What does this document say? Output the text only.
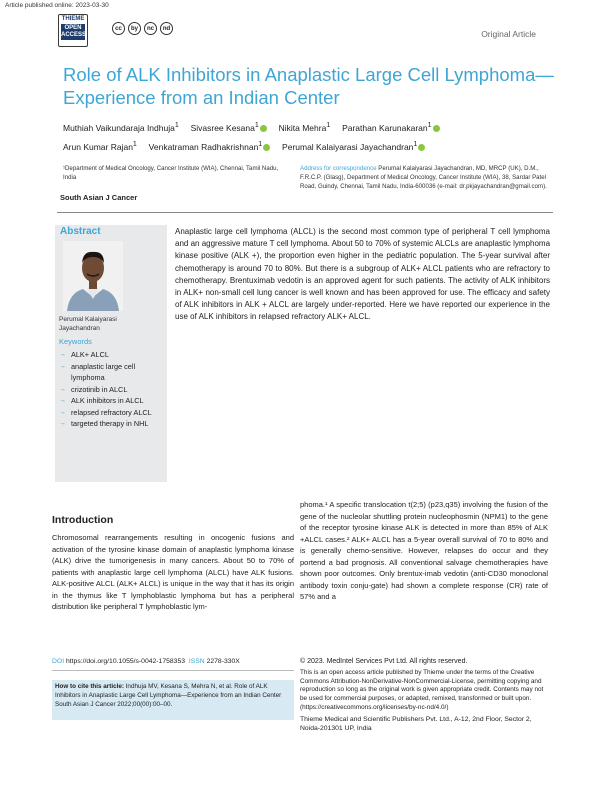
Article published online: 2023-03-30
THIEME
OPEN ACCESS
cc	by	nc	nd	Original Article
Role of ALK Inhibitors in Anaplastic Large Cell Lymphoma—Experience from an Indian Center
Muthiah Vaikundaraja Indhuja$^1$ Sivasree Kesana$^1$ Nikita Mehra$^1$ Parathan Karunakaran$^1$
Arun Kumar Rajan$^1$ Venkatraman Radhakrishnan$^1$ Perumal Kalaiyarasi Jayachandran$^1$
¹Department of Medical Oncology, Cancer Institute (WIA), Chennai, Tamil Nadu, India
Address for correspondence Perumal Kalaiyarasi Jayachandran, MD, MRCP (UK), D.M., F.R.C.P. (Glasg), Department of Medical Oncology, Cancer Institute (WIA), 38, Sardar Patel Road, Guindy, Chennai, Tamil Nadu, India-600036 (e-mail: dr.pkjayachandran@gmail.com).
South Asian J Cancer
Abstract
Perumal Kalaiyarasi Jayachandran
Keywords
→ ALK+ ALCL
→ anaplastic large cell lymphoma
→ crizotinib in ALCL
→ ALK inhibitors in ALCL
→ relapsed refractory ALCL
→ targeted therapy in NHL
Anaplastic large cell lymphoma (ALCL) is the second most common type of peripheral T cell lymphoma and an aggressive mature T cell lymphoma. About 50 to 70% of systemic ALCLs are anaplastic lymphoma kinase positive (ALK +), the proportion even higher in the pediatric population. The 5-year survival after chemotherapy is around 70 to 80%. But there is a subgroup of ALK+ ALCL patients who are refractory to chemotherapy. Brentuximab vedotin is an approved agent for such patients. The activity of ALK inhibitors in ALK+ non-small cell lung cancer is well known and has been approved for use. The efficacy and safety of ALK inhibitors in ALK + ALCL are largely under-reported. Here we have reported our experience in the use of ALK inhibitors in relapsed refractory ALK+ ALCL.
Introduction
Chromosomal rearrangements resulting in oncogenic fusions and activation of the tyrosine kinase domain of anaplastic lymphoma kinase (ALK) drive the tumorigenesis in many cancers. About 50 to 70% of patients with anaplastic large cell lymphoma (ALCL) have ALK fusions. ALK-positive ALCL (ALK+ ALCL) is unique in the way that it has its origin in the thymus like T lymphoblastic lymphoma but has a peripheral distribution like peripheral T lymphoblastic lym-
phoma.¹ A specific translocation t(2;5) (p23,q35) involving the fusion of the gene of the nucleolar shuttling protein nucleophosmin (NPM1) to the gene of the receptor tyrosine kinase ALK is detected in more than 85% of ALK +ALCL cases.² ALK+ ALCL has a 5-year overall survival of 70 to 80% and is generally chemo-sensitive. However, relapses do occur and they portend a bad prognosis. All conventional salvage chemotherapies have shown poor outcomes. Only brentux-imab vedotin (anti-CD30 monoclonal antibody toxin conju-gate) had shown a complete response (CR) rate of 57% and a
DOI https://doi.org/10.1055/s-0042-1758353 ISSN 2278-330X
How to cite this article: Indhuja MV, Kesana S, Mehra N, et al. Role of ALK Inhibitors in Anaplastic Large Cell Lymphoma—Experience from an Indian Center South Asian J Cancer 2022;00(00):00–00.
© 2023. MedIntel Services Pvt Ltd. All rights reserved.
This is an open access article published by Thieme under the terms of the Creative Commons Attribution-NonDerivative-NonCommercial-License, permitting copying and reproduction so long as the original work is given appropriate credit. Contents may not be used for commercial purposes, or adapted, remixed, transformed or built upon. (https://creativecommons.org/licenses/by-nc-nd/4.0/)
Thieme Medical and Scientific Publishers Pvt. Ltd., A-12, 2nd Floor, Sector 2, Noida-201301 UP, India
